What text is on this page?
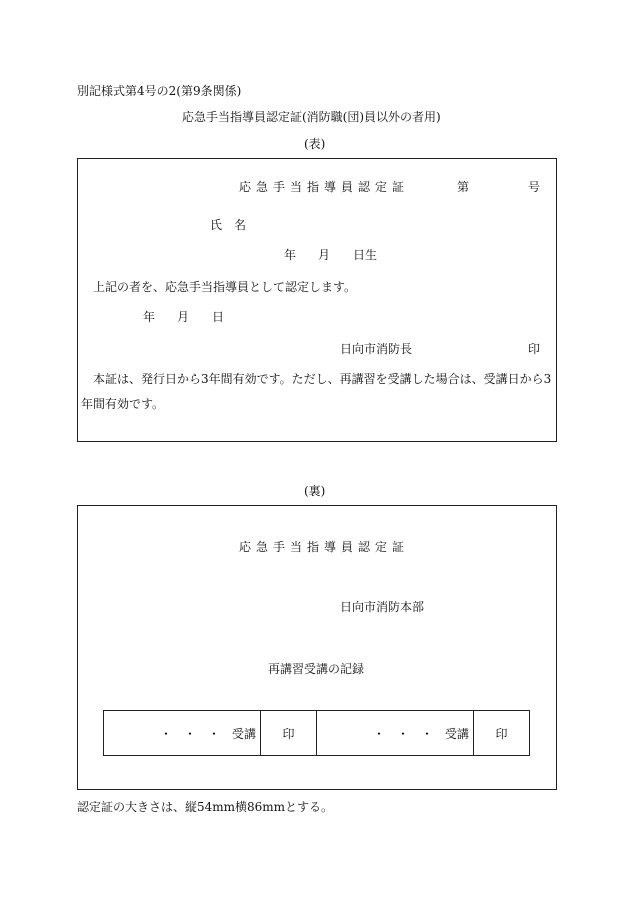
別記様式第4号の2(第9条関係)
応急手当指導員認定証(消防職(団)員以外の者用)
(表)
応急手当指導員認定証	第	号
氏　名
年 月 日生
上記の者を、応急手当指導員として認定します。
年 月 日
日向市消防長	印
本証は、発行日から3年間有効です。ただし、再講習を受講した場合は、受講日から3
年間有効です。
(裏)
応急手当指導員認定証
日向市消防本部
再講習受講の記録
・　・　・ 受講 印	・　・　・ 受講 印
認定証の大きさは、縦54mm横86mmとする。
